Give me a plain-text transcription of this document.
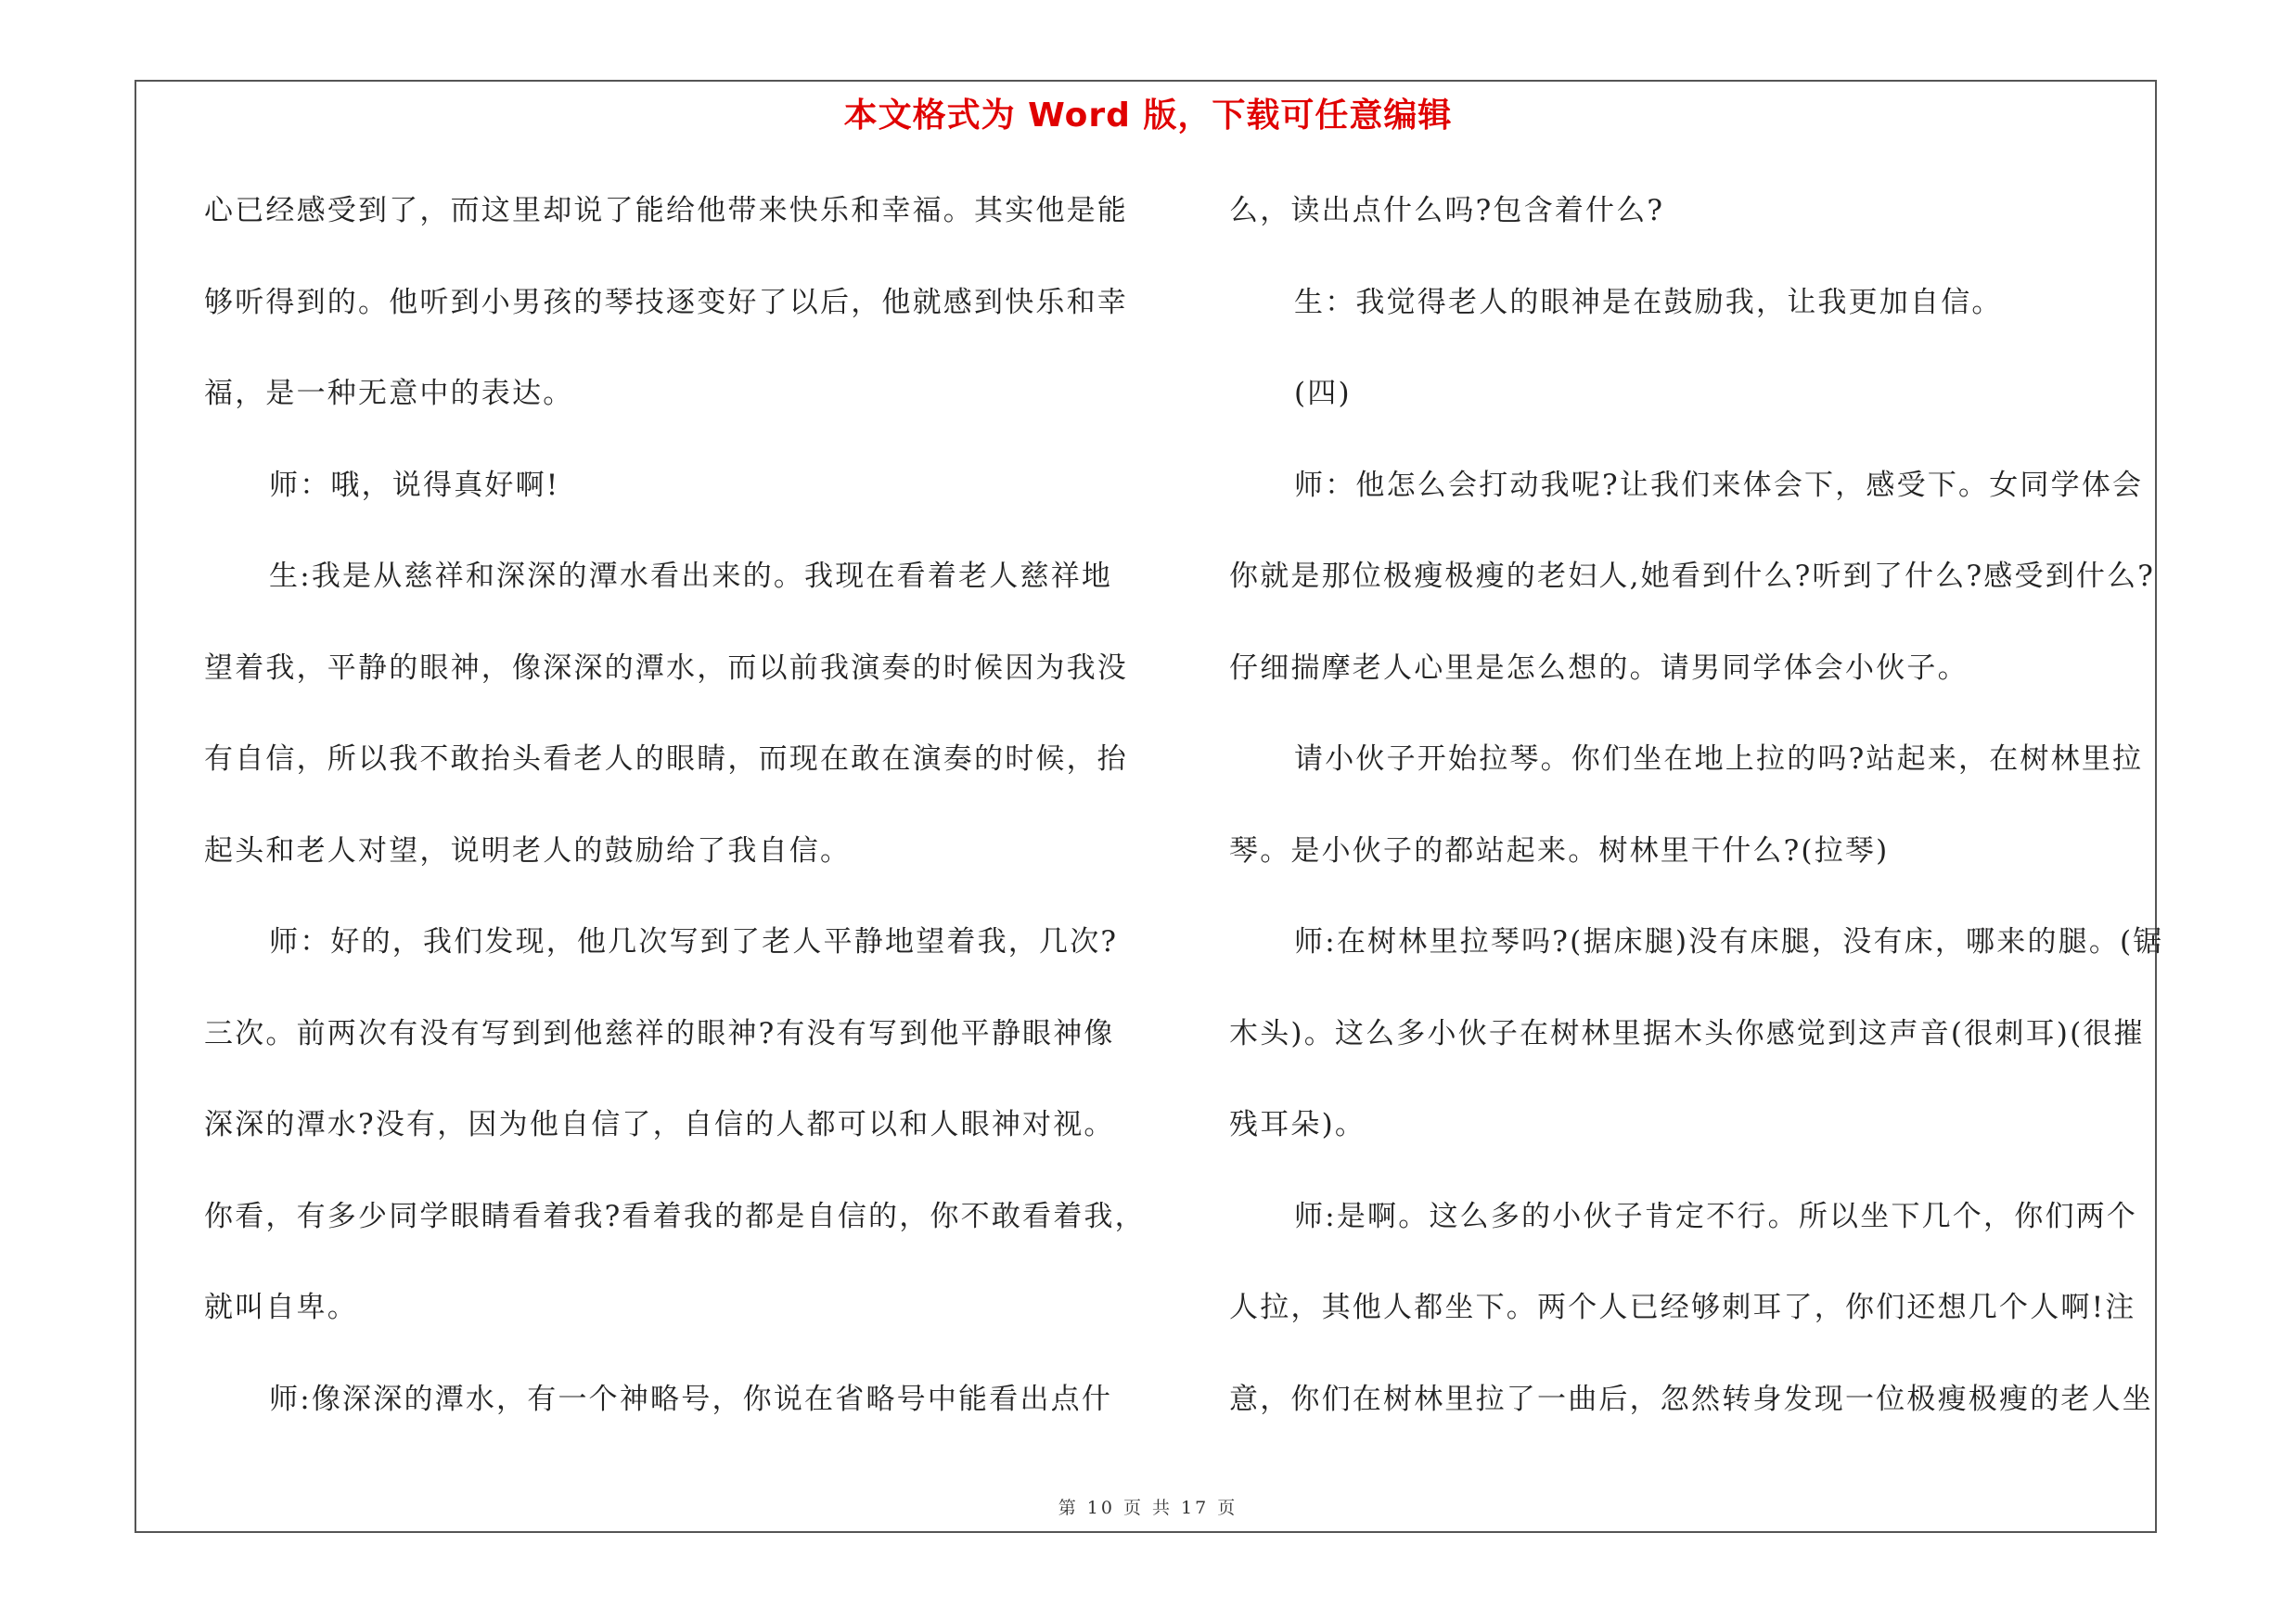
本文格式为 Word 版，下载可任意编辑
心已经感受到了，而这里却说了能给他带来快乐和幸福。其实他是能
够听得到的。他听到小男孩的琴技逐变好了以后，他就感到快乐和幸
福，是一种无意中的表达。
师：哦，说得真好啊!
生:我是从慈祥和深深的潭水看出来的。我现在看着老人慈祥地
望着我，平静的眼神，像深深的潭水，而以前我演奏的时候因为我没
有自信，所以我不敢抬头看老人的眼睛，而现在敢在演奏的时候，抬
起头和老人对望，说明老人的鼓励给了我自信。
师：好的，我们发现，他几次写到了老人平静地望着我，几次?
三次。前两次有没有写到到他慈祥的眼神?有没有写到他平静眼神像
深深的潭水?没有，因为他自信了，自信的人都可以和人眼神对视。
你看，有多少同学眼睛看着我?看着我的都是自信的，你不敢看着我，
就叫自卑。
师:像深深的潭水，有一个神略号，你说在省略号中能看出点什
么，读出点什么吗?包含着什么?
生：我觉得老人的眼神是在鼓励我，让我更加自信。
(四)
师：他怎么会打动我呢?让我们来体会下，感受下。女同学体会
你就是那位极瘦极瘦的老妇人,她看到什么?听到了什么?感受到什么?
仔细揣摩老人心里是怎么想的。请男同学体会小伙子。
请小伙子开始拉琴。你们坐在地上拉的吗?站起来，在树林里拉
琴。是小伙子的都站起来。树林里干什么?(拉琴)
师:在树林里拉琴吗?(据床腿)没有床腿，没有床，哪来的腿。(锯
木头)。这么多小伙子在树林里据木头你感觉到这声音(很刺耳)(很摧
残耳朵)。
师:是啊。这么多的小伙子肯定不行。所以坐下几个，你们两个
人拉，其他人都坐下。两个人已经够刺耳了，你们还想几个人啊!注
意，你们在树林里拉了一曲后，忽然转身发现一位极瘦极瘦的老人坐
第 10 页 共 17 页
